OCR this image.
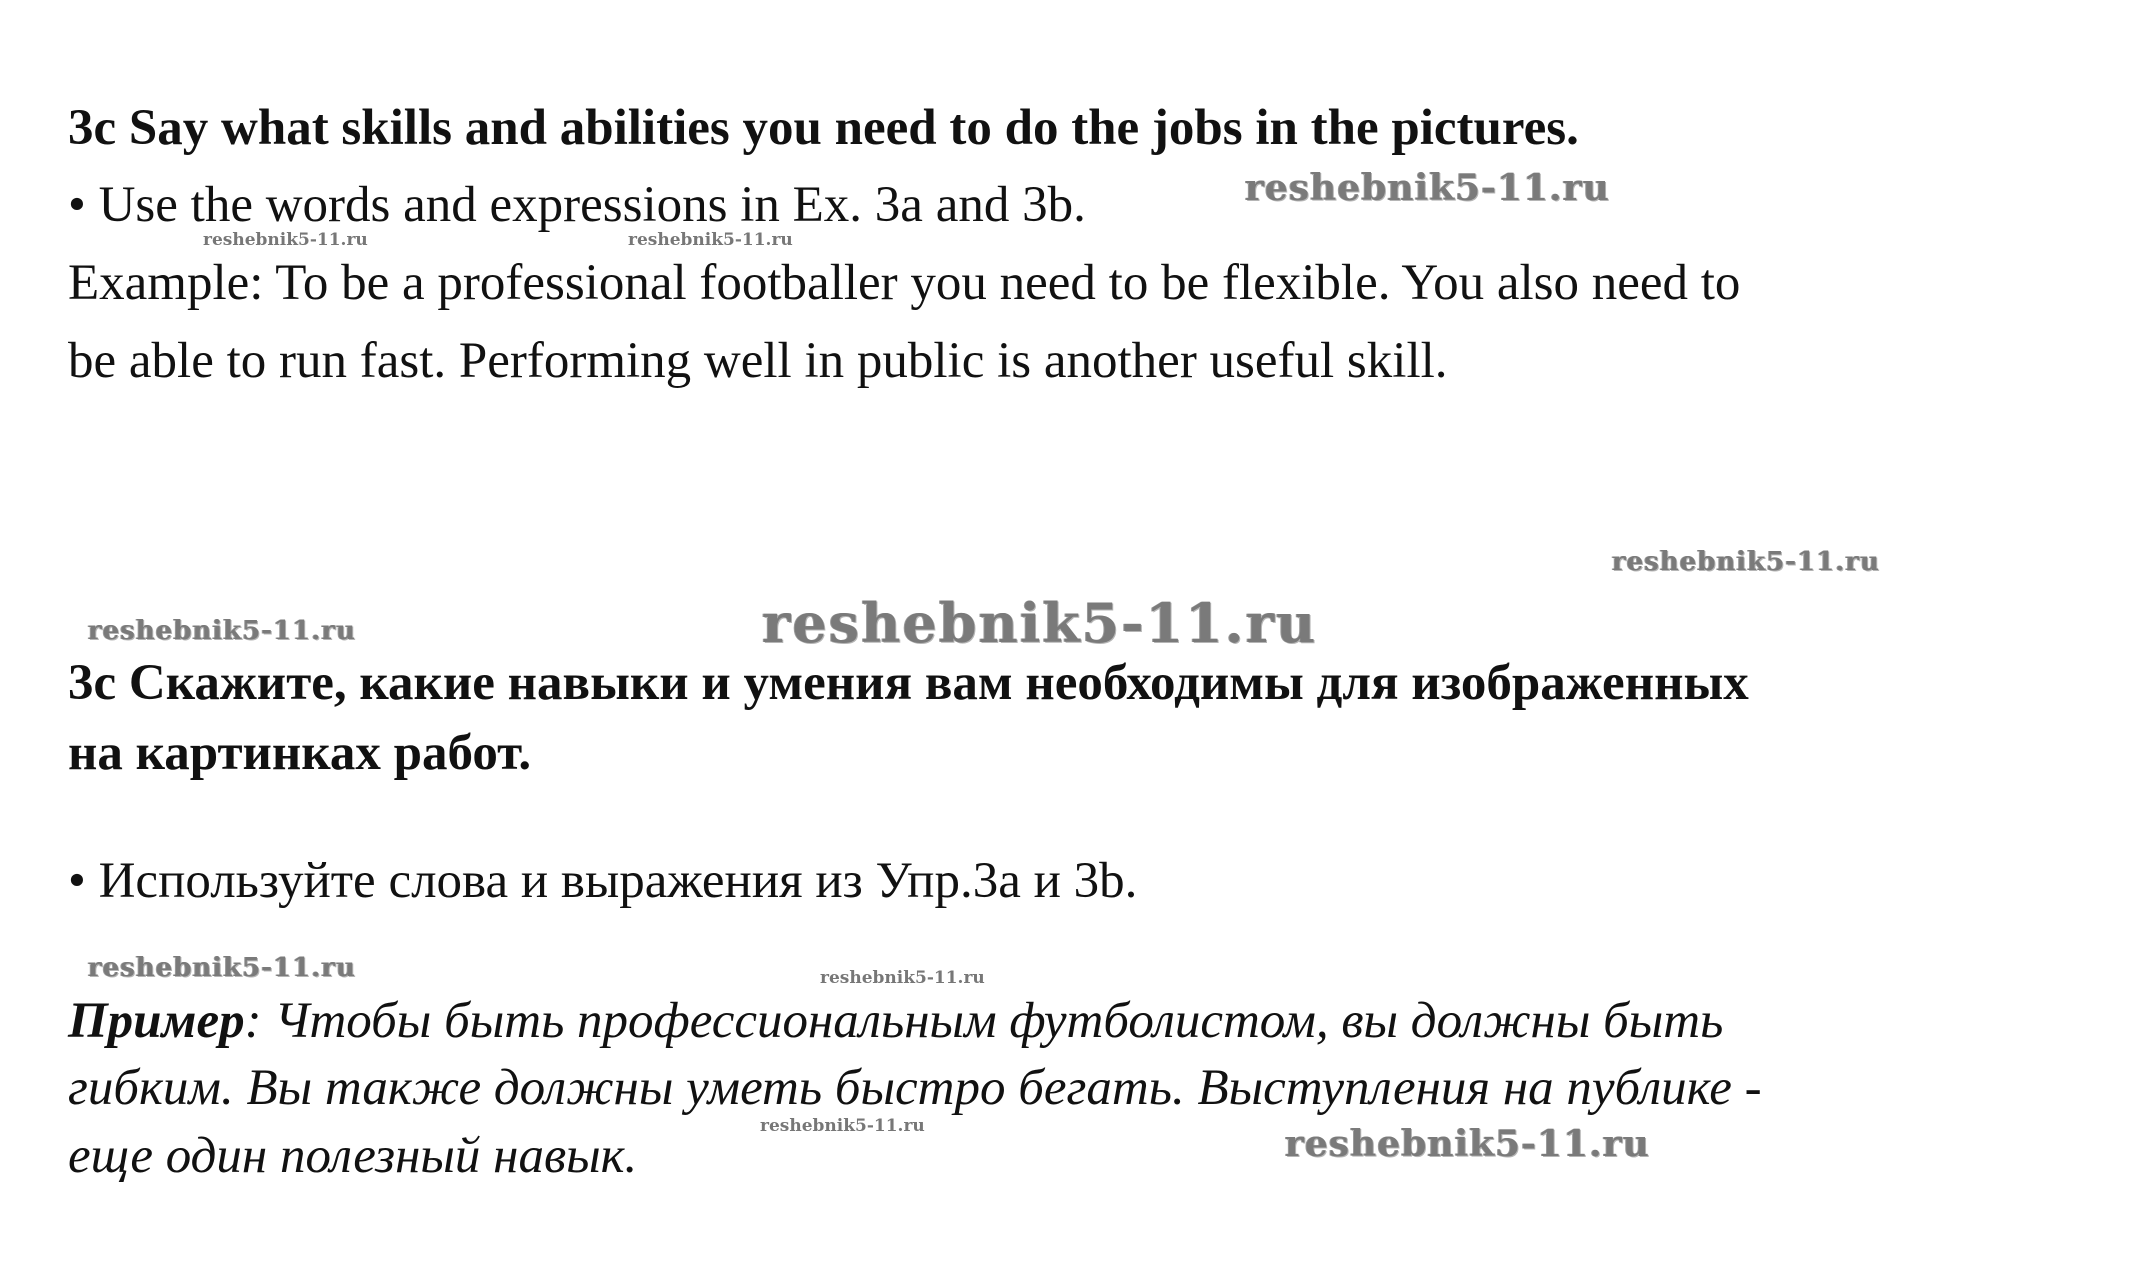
3c Say what skills and abilities you need to do the jobs in the pictures.
• Use the words and expressions in Ex. 3a and 3b.
Example: To be a professional footballer you need to be flexible. You also need to
be able to run fast. Performing well in public is another useful skill.
3c Скажите, какие навыки и умения вам необходимы для изображенных
на картинках работ.
• Используйте слова и выражения из Упр.3а и 3b.
Пример: Чтобы быть профессиональным футболистом, вы должны быть
гибким. Вы также должны уметь быстро бегать. Выступления на публике -
еще один полезный навык.
reshebnik5-11.ru
reshebnik5-11.ru	reshebnik5-11.ru
reshebnik5-11.ru
reshebnik5-11.ru	reshebnik5-11.ru
reshebnik5-11.ru	reshebnik5-11.ru
reshebnik5-11.ru	reshebnik5-11.ru
